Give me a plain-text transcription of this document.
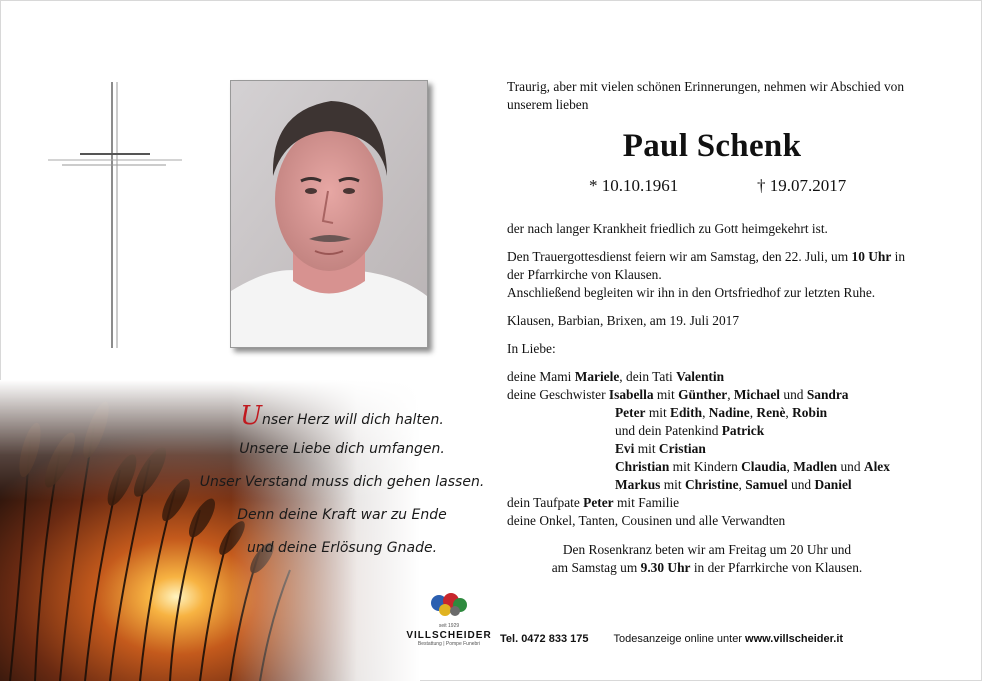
Unser Herz will dich halten.
Unsere Liebe dich umfangen.
Unser Verstand muss dich gehen lassen.
Denn deine Kraft war zu Ende
und deine Erlösung Gnade.

Traurig, aber mit vielen schönen Erinnerungen, nehmen wir Abschied von unserem lieben

Paul Schenk
* 10.10.1961	† 19.07.2017

der nach langer Krankheit friedlich zu Gott heimgekehrt ist.

Den Trauergottesdienst feiern wir am Samstag, den 22. Juli, um 10 Uhr in der Pfarrkirche von Klausen.

Anschließend begleiten wir ihn in den Ortsfriedhof zur letzten Ruhe.

Klausen, Barbian, Brixen, am 19. Juli 2017

In Liebe:

deine Mami Mariele, dein Tati Valentin
deine Geschwister Isabella mit Günther, Michael und Sandra
Peter mit Edith, Nadine, Renè, Robin
und dein Patenkind Patrick
Evi mit Cristian
Christian mit Kindern Claudia, Madlen und Alex
Markus mit Christine, Samuel und Daniel
dein Taufpate Peter mit Familie
deine Onkel, Tanten, Cousinen und alle Verwandten
Den Rosenkranz beten wir am Freitag um 20 Uhr und
am Samstag um 9.30 Uhr in der Pfarrkirche von Klausen.
seit 1929
VILLSCHEIDER
Bestattung | Pompe Funebri	Tel. 0472 833 175 Todesanzeige online unter www.villscheider.it
